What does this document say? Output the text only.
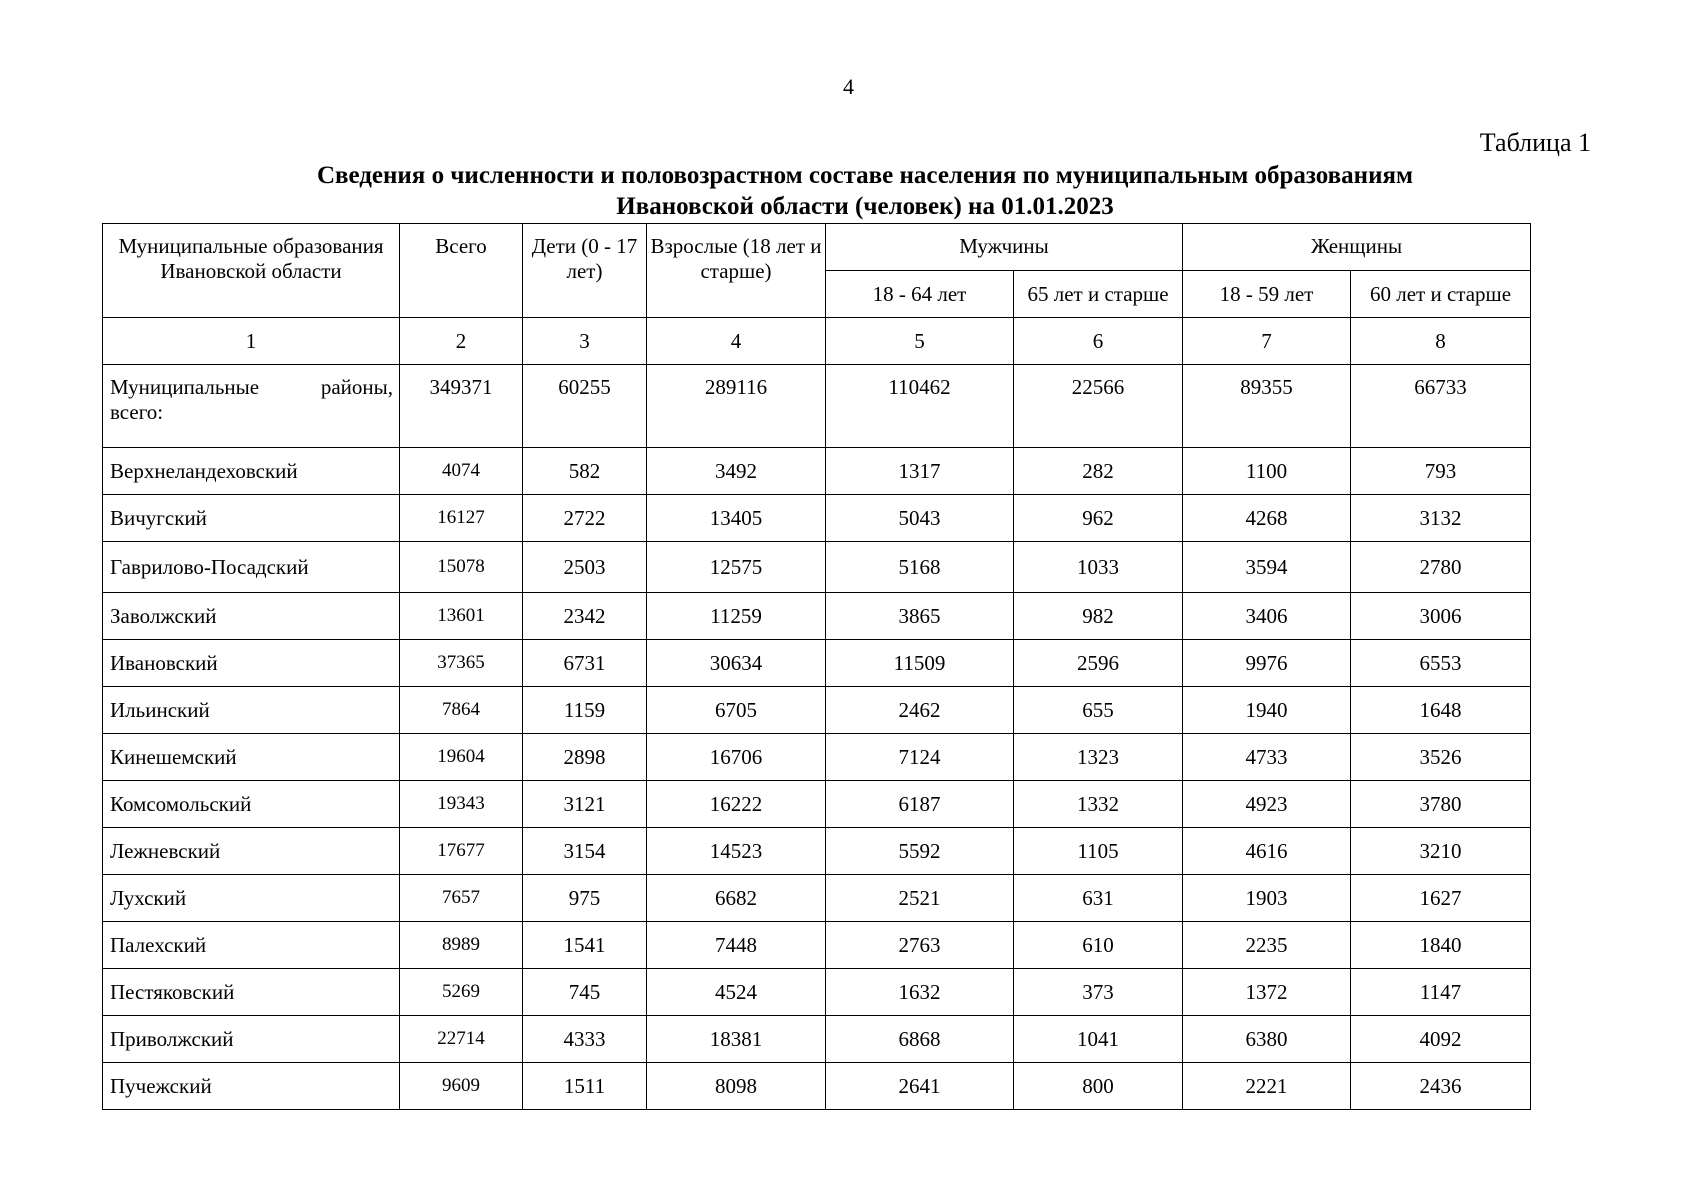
4
Таблица 1
Сведения о численности и половозрастном составе населения по муниципальным образованиям
Ивановской области (человек) на 01.01.2023
Муниципальные образования Ивановской области	Всего	Дети (0 - 17 лет)	Взрослые (18 лет и старше)	Мужчины		Женщины	
				18 - 64 лет	65 лет и старше	18 - 59 лет	60 лет и старше
1	2	3	4	5	6	7	8
Муниципальные районы, всего:	349371	60255	289116	110462	22566	89355	66733
Верхнеландеховский	4074	582	3492	1317	282	1100	793
Вичугский	16127	2722	13405	5043	962	4268	3132
Гаврилово-Посадский	15078	2503	12575	5168	1033	3594	2780
Заволжский	13601	2342	11259	3865	982	3406	3006
Ивановский	37365	6731	30634	11509	2596	9976	6553
Ильинский	7864	1159	6705	2462	655	1940	1648
Кинешемский	19604	2898	16706	7124	1323	4733	3526
Комсомольский	19343	3121	16222	6187	1332	4923	3780
Лежневский	17677	3154	14523	5592	1105	4616	3210
Лухский	7657	975	6682	2521	631	1903	1627
Палехский	8989	1541	7448	2763	610	2235	1840
Пестяковский	5269	745	4524	1632	373	1372	1147
Приволжский	22714	4333	18381	6868	1041	6380	4092
Пучежский	9609	1511	8098	2641	800	2221	2436
